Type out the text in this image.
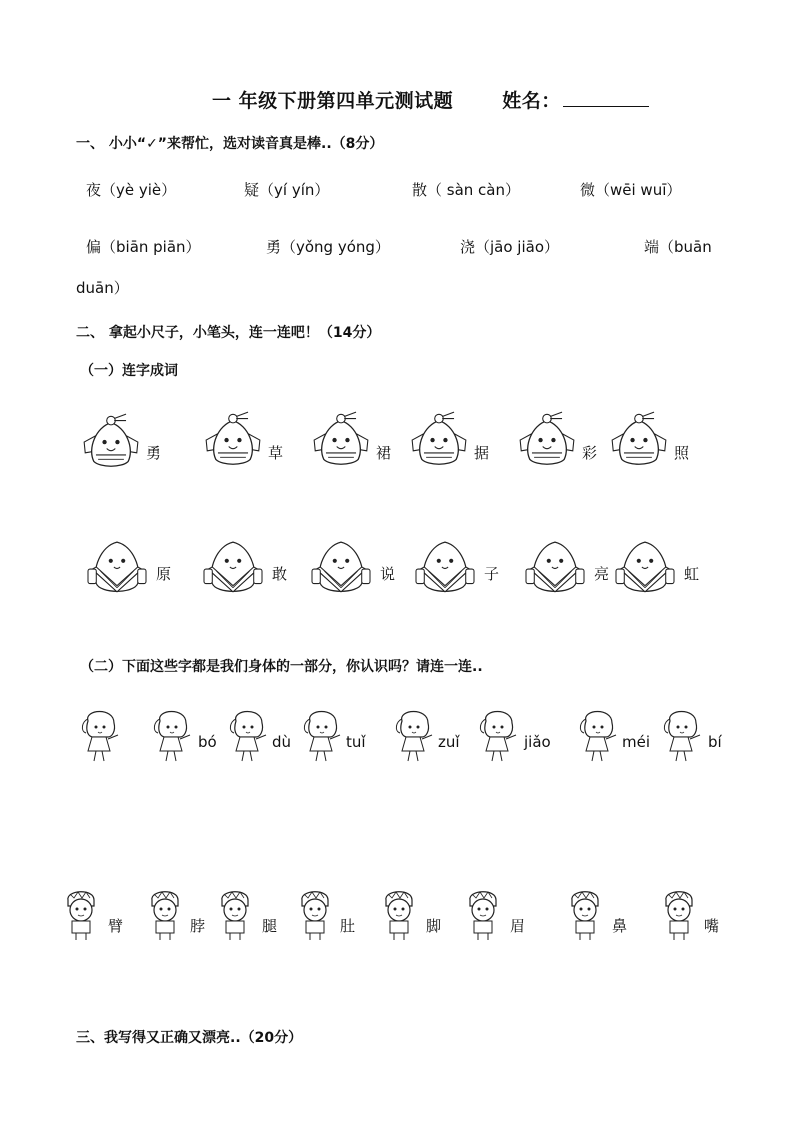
一 年级下册第四单元测试题	姓名：
一、 小小“✓”来帮忙，选对读音真是棒..（8分）
夜（yè yiè）	疑（yí yín）	散（ sàn càn）	微（wēi wuī）
偏（biān piān）	勇（yǒng yóng）	浇（jāo jiāo）	端（buān
duān）
二、 拿起小尺子，小笔头，连一连吧！（14分）
（一）连字成词
勇	草	裙	据	彩	照
原	敢	说	子	亮	虹
（二）下面这些字都是我们身体的一部分，你认识吗？请连一连..
bó	dù	tuǐ	zuǐ	jiǎo	méi	bí
臂	脖	腿	肚	脚	眉	鼻	嘴
三、我写得又正确又漂亮..（20分）
